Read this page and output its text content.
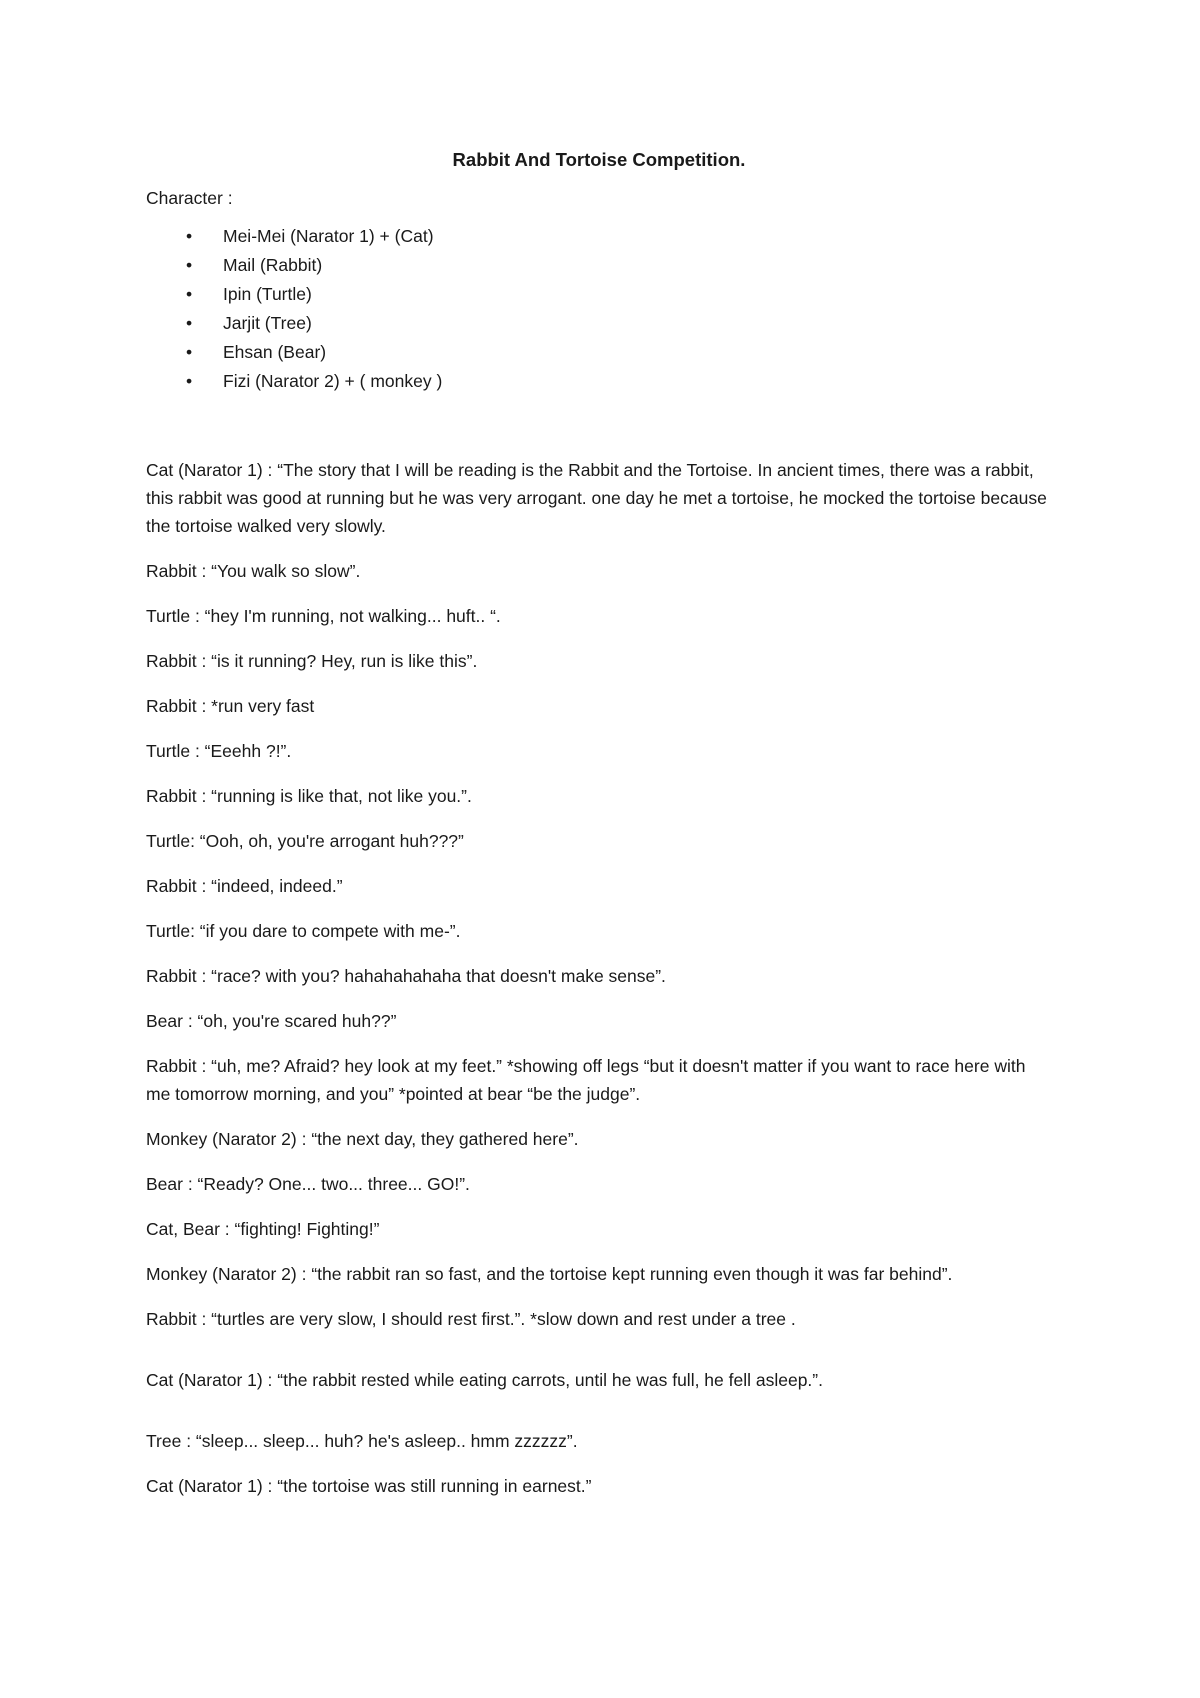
Rabbit And Tortoise Competition.

Character :

• Mei-Mei (Narator 1) + (Cat)
• Mail (Rabbit)
• Ipin (Turtle)
• Jarjit (Tree)
• Ehsan (Bear)
• Fizi (Narator 2) + ( monkey )

Cat (Narator 1) : “The story that I will be reading is the Rabbit and the Tortoise. In ancient times, there was a rabbit, this rabbit was good at running but he was very arrogant. one day he met a tortoise, he mocked the tortoise because the tortoise walked very slowly.

Rabbit : “You walk so slow”.

Turtle : “hey I'm running, not walking... huft.. “.

Rabbit : “is it running? Hey, run is like this”.

Rabbit : *run very fast

Turtle : “Eeehh ?!”.

Rabbit : “running is like that, not like you.”.

Turtle: “Ooh, oh, you're arrogant huh???”

Rabbit : “indeed, indeed.”

Turtle: “if you dare to compete with me-”.

Rabbit : “race? with you? hahahahahaha that doesn't make sense”.

Bear : “oh, you're scared huh??”

Rabbit : “uh, me? Afraid? hey look at my feet.” *showing off legs “but it doesn't matter if you want to race here with me tomorrow morning, and you” *pointed at bear “be the judge”.

Monkey (Narator 2) : “the next day, they gathered here”.

Bear : “Ready? One... two... three... GO!”.

Cat, Bear : “fighting! Fighting!”

Monkey (Narator 2) : “the rabbit ran so fast, and the tortoise kept running even though it was far behind”.

Rabbit : “turtles are very slow, I should rest first.”. *slow down and rest under a tree .

Cat (Narator 1) : “the rabbit rested while eating carrots, until he was full, he fell asleep.”.

Tree : “sleep... sleep... huh? he's asleep.. hmm zzzzzz”.

Cat (Narator 1) : “the tortoise was still running in earnest.”
